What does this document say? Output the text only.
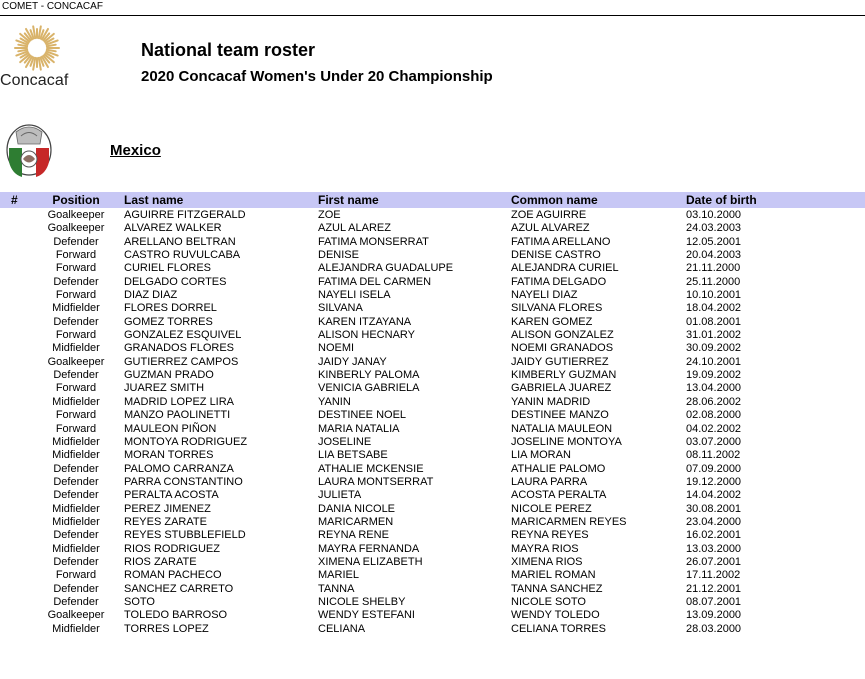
COMET - CONCACAF
Concacaf
National team roster
2020 Concacaf Women's Under 20 Championship
Mexico
#	Position	Last name	First name	Common name	Date of birth
Goalkeeper	AGUIRRE FITZGERALD	ZOE	ZOE AGUIRRE	03.10.2000
Goalkeeper	ALVAREZ WALKER	AZUL ALAREZ	AZUL ALVAREZ	24.03.2003
Defender	ARELLANO BELTRAN	FATIMA MONSERRAT	FATIMA ARELLANO	12.05.2001
Forward	CASTRO RUVULCABA	DENISE	DENISE CASTRO	20.04.2003
Forward	CURIEL FLORES	ALEJANDRA GUADALUPE	ALEJANDRA CURIEL	21.11.2000
Defender	DELGADO CORTES	FATIMA DEL CARMEN	FATIMA DELGADO	25.11.2000
Forward	DIAZ DIAZ	NAYELI ISELA	NAYELI DIAZ	10.10.2001
Midfielder	FLORES DORREL	SILVANA	SILVANA FLORES	18.04.2002
Defender	GOMEZ TORRES	KAREN ITZAYANA	KAREN GOMEZ	01.08.2001
Forward	GONZALEZ ESQUIVEL	ALISON HECNARY	ALISON GONZALEZ	31.01.2002
Midfielder	GRANADOS FLORES	NOEMI	NOEMI GRANADOS	30.09.2002
Goalkeeper	GUTIERREZ CAMPOS	JAIDY JANAY	JAIDY GUTIERREZ	24.10.2001
Defender	GUZMAN PRADO	KINBERLY PALOMA	KIMBERLY GUZMAN	19.09.2002
Forward	JUAREZ SMITH	VENICIA GABRIELA	GABRIELA JUAREZ	13.04.2000
Midfielder	MADRID LOPEZ LIRA	YANIN	YANIN MADRID	28.06.2002
Forward	MANZO PAOLINETTI	DESTINEE NOEL	DESTINEE MANZO	02.08.2000
Forward	MAULEON PIÑON	MARIA NATALIA	NATALIA MAULEON	04.02.2002
Midfielder	MONTOYA RODRIGUEZ	JOSELINE	JOSELINE MONTOYA	03.07.2000
Midfielder	MORAN TORRES	LIA BETSABE	LIA MORAN	08.11.2002
Defender	PALOMO CARRANZA	ATHALIE MCKENSIE	ATHALIE PALOMO	07.09.2000
Defender	PARRA CONSTANTINO	LAURA MONTSERRAT	LAURA PARRA	19.12.2000
Defender	PERALTA ACOSTA	JULIETA	ACOSTA PERALTA	14.04.2002
Midfielder	PEREZ JIMENEZ	DANIA NICOLE	NICOLE PEREZ	30.08.2001
Midfielder	REYES ZARATE	MARICARMEN	MARICARMEN REYES	23.04.2000
Defender	REYES STUBBLEFIELD	REYNA RENE	REYNA REYES	16.02.2001
Midfielder	RIOS RODRIGUEZ	MAYRA FERNANDA	MAYRA RIOS	13.03.2000
Defender	RIOS ZARATE	XIMENA ELIZABETH	XIMENA RIOS	26.07.2001
Forward	ROMAN PACHECO	MARIEL	MARIEL ROMAN	17.11.2002
Defender	SANCHEZ CARRETO	TANNA	TANNA SANCHEZ	21.12.2001
Defender	SOTO	NICOLE SHELBY	NICOLE SOTO	08.07.2001
Goalkeeper	TOLEDO BARROSO	WENDY ESTEFANI	WENDY TOLEDO	13.09.2000
Midfielder	TORRES LOPEZ	CELIANA	CELIANA TORRES	28.03.2000
